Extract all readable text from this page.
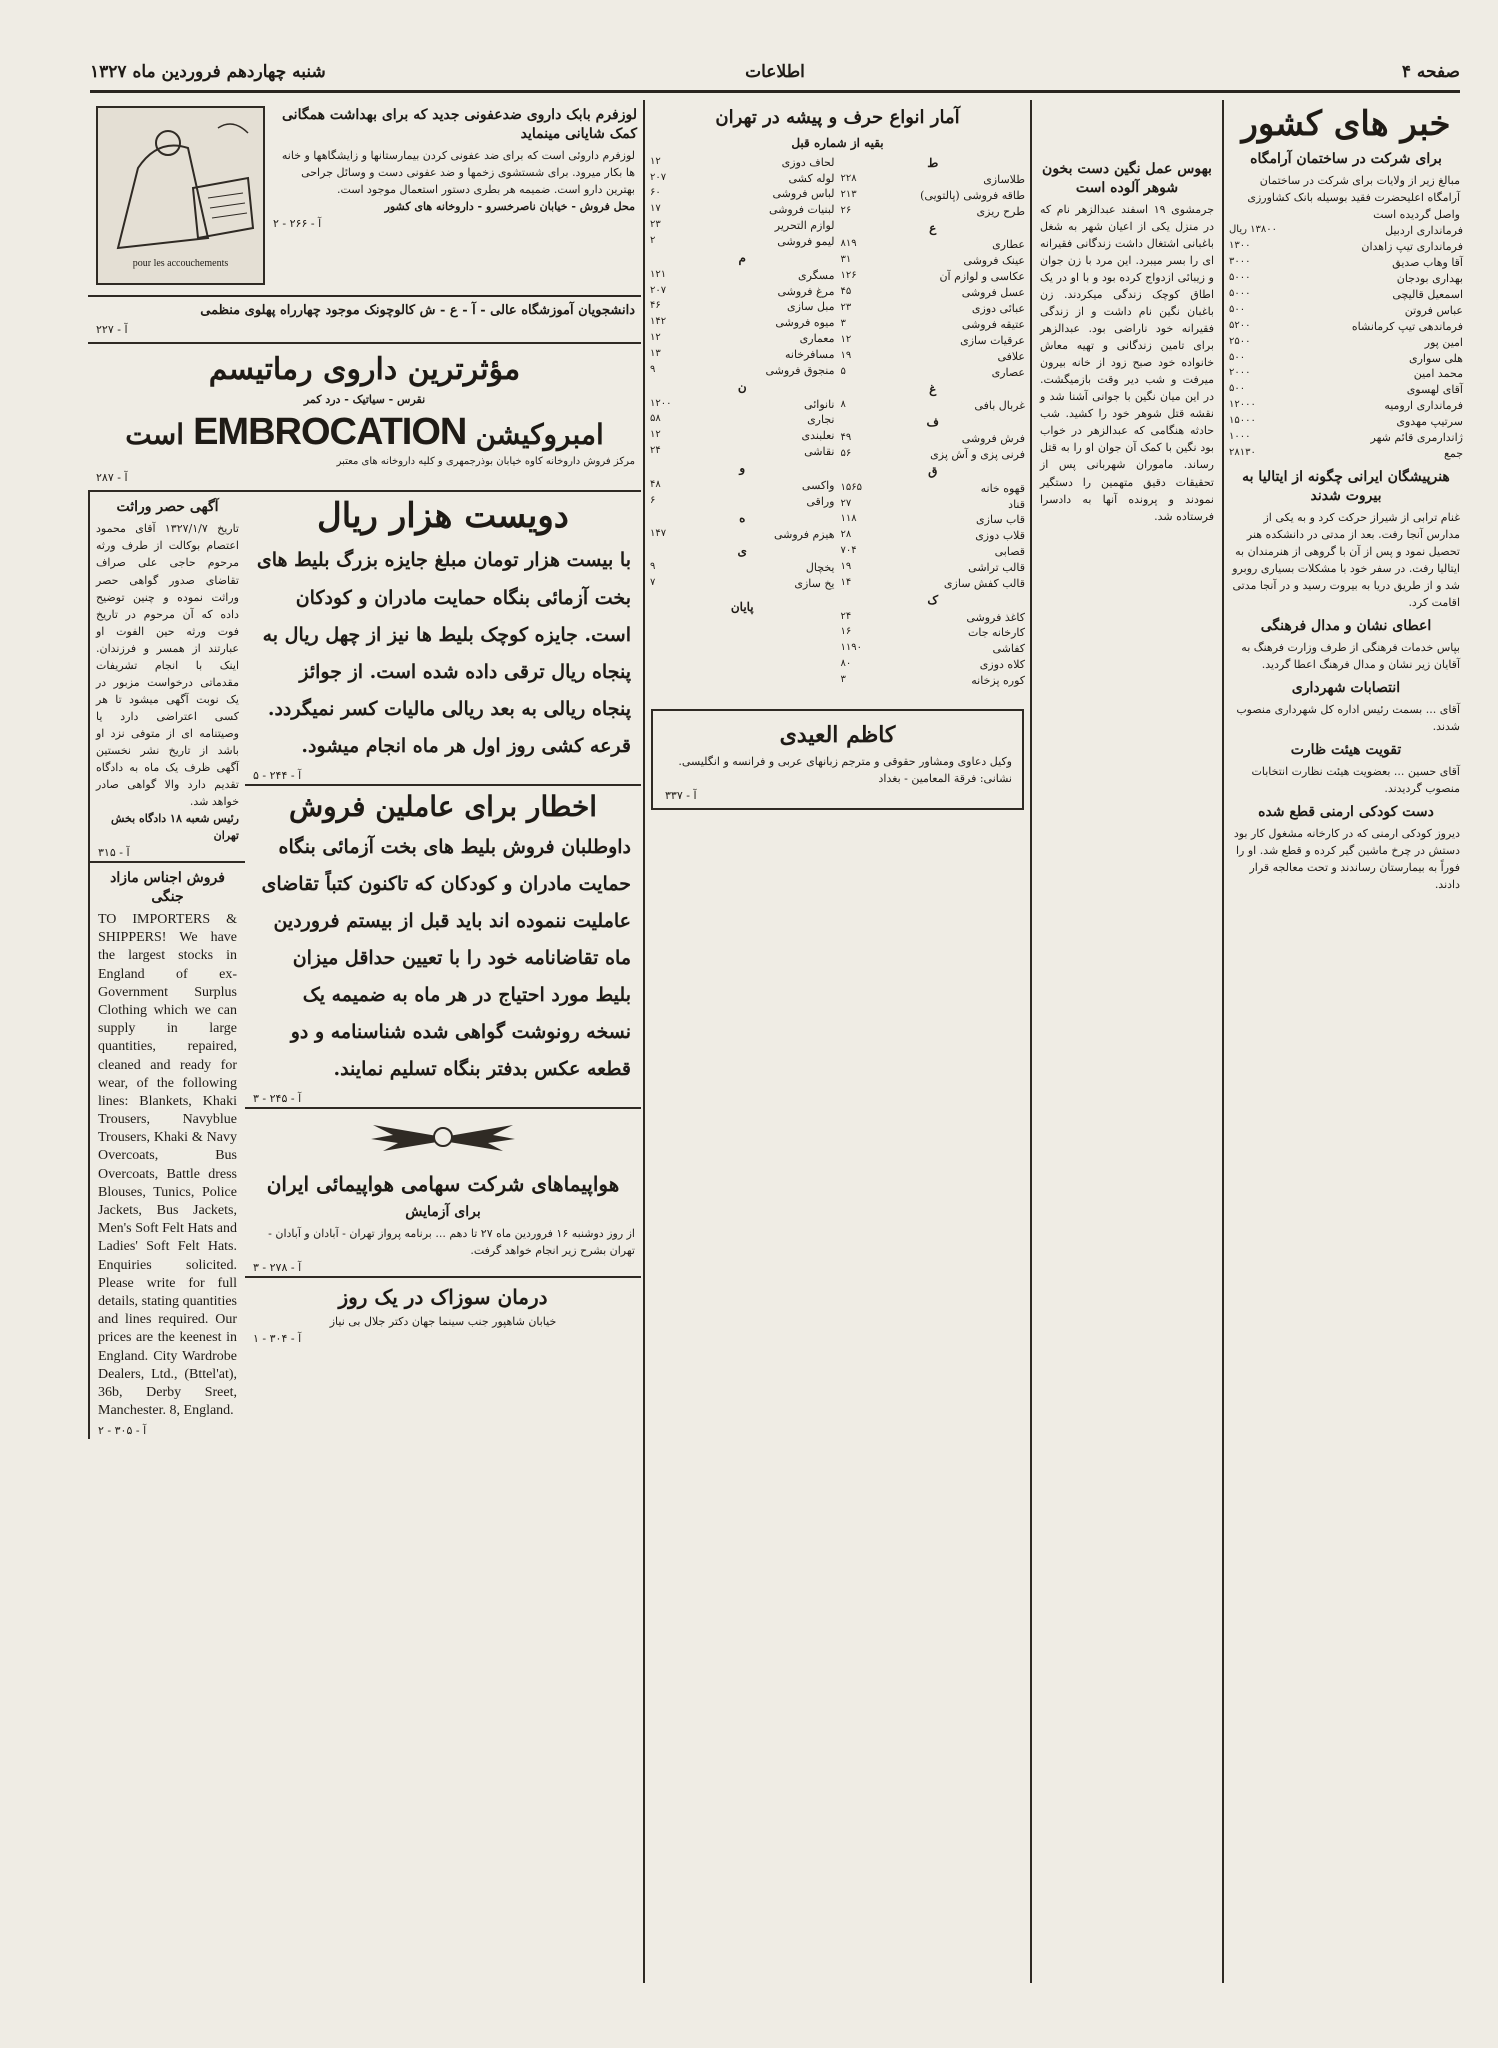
صفحه ۴
اطلاعات
شنبه چهاردهم فروردین ماه ۱۳۲۷
خبر های کشور
برای شرکت در ساختمان آرامگاه

مبالغ زیر از ولایات برای شرکت در ساختمان آرامگاه اعلیحضرت فقید بوسیله بانک کشاورزی واصل گردیده است

فرمانداری اردبیل	۱۳۸۰۰ ریال
فرمانداری تیپ زاهدان	۱۳۰۰
آقا وهاب صدیق	۳۰۰۰
بهداری بودجان	۵۰۰۰
اسمعیل قالیچی	۵۰۰۰
عباس فروتن	۵۰۰
فرماندهی تیپ کرمانشاه	۵۲۰۰
امین پور	۲۵۰۰
هلی سواری	۵۰۰
محمد امین	۲۰۰۰
آقای لهسوی	۵۰۰
فرمانداری ارومیه	۱۲۰۰۰
سرتیپ مهدوی	۱۵۰۰۰
ژاندارمری قائم شهر	۱۰۰۰
جمع	۲۸۱۳۰
هنرپیشگان ایرانی چگونه از ایتالیا به بیروت شدند

غنام ترابی از شیراز حرکت کرد و به یکی از مدارس آنجا رفت. بعد از مدتی در دانشکده هنر تحصیل نمود و پس از آن با گروهی از هنرمندان به ایتالیا رفت. در سفر خود با مشکلات بسیاری روبرو شد و از طریق دریا به بیروت رسید و در آنجا مدتی اقامت کرد.

اعطای نشان و مدال فرهنگی

بپاس خدمات فرهنگی از طرف وزارت فرهنگ به آقایان زیر نشان و مدال فرهنگ اعطا گردید.

انتصابات شهرداری

آقای ... بسمت رئیس اداره کل شهرداری منصوب شدند.

تقویت هیئت ظارت

آقای حسین ... بعضویت هیئت نظارت انتخابات منصوب گردیدند.

دست کودکی ارمنی قطع شده

دیروز کودکی ارمنی که در کارخانه مشغول کار بود دستش در چرخ ماشین گیر کرده و قطع شد. او را فوراً به بیمارستان رساندند و تحت معالجه قرار دادند.

بهوس عمل نگین دست بخون شوهر آلوده است

جرمشوی ۱۹ اسفند عبدالزهر نام که در منزل یکی از اعیان شهر به شغل باغبانی اشتغال داشت زندگانی فقیرانه ای را بسر میبرد. این مرد با زن جوان و زیبائی ازدواج کرده بود و با او در یک اطاق کوچک زندگی میکردند. زن باغبان نگین نام داشت و از زندگی فقیرانه خود ناراضی بود. عبدالزهر برای تامین زندگانی و تهیه معاش خانواده خود صبح زود از خانه بیرون میرفت و شب دیر وقت بازمیگشت. در این میان نگین با جوانی آشنا شد و نقشه قتل شوهر خود را کشید. شب حادثه هنگامی که عبدالزهر در خواب بود نگین با کمک آن جوان او را به قتل رساند. ماموران شهربانی پس از تحقیقات دقیق متهمین را دستگیر نمودند و پرونده آنها به دادسرا فرستاده شد.

آمار انواع حرف و پیشه در تهران
بقیه از شماره قبل
ط	
طلاسازی	۲۲۸
طاقه فروشی (پالتویی)	۲۱۳
طرح ریزی	۲۶
ع	
عطاری	۸۱۹
عینک فروشی	۳۱
عکاسی و لوازم آن	۱۲۶
عسل فروشی	۴۵
عبائی دوزی	۲۳
عتیقه فروشی	۳
عرقیات سازی	۱۲
علافی	۱۹
عصاری	۵
غ	
غربال بافی	۸
ف	
فرش فروشی	۴۹
فرنی پزی و آش پزی	۵۶
ق	
قهوه خانه	۱۵۶۵
قناد	۲۷
قاب سازی	۱۱۸
قلاب دوزی	۲۸
قصابی	۷۰۴
قالب تراشی	۱۹
قالب کفش سازی	۱۴
ک	
کاغذ فروشی	۲۴
کارخانه جات	۱۶
کفاشی	۱۱۹۰
کلاه دوزی	۸۰
کوره پزخانه	۳
لحاف دوزی	۱۲
لوله کشی	۲۰۷
لباس فروشی	۶۰
لبنیات فروشی	۱۷
لوازم التحریر	۲۳
لیمو فروشی	۲
م	
مسگری	۱۲۱
مرغ فروشی	۲۰۷
مبل سازی	۴۶
میوه فروشی	۱۴۲
معماری	۱۲
مسافرخانه	۱۳
منجوق فروشی	۹
ن	
نانوائی	۱۲۰۰
نجاری	۵۸
نعلبندی	۱۲
نقاشی	۲۴
و	
واکسی	۴۸
وراقی	۶
ه	
هیزم فروشی	۱۴۷
ی	
یخچال	۹
یخ سازی	۷
پایان
کاظم العیدی

وکیل دعاوی ومشاور حقوقی و مترجم زبانهای عربی و فرانسه و انگلیسی. نشانی: فرقة المعامین - بغداد

آ - ۳۳۷
pour les accouchements
لوزفرم بابک داروی ضدعفونی جدید که برای بهداشت همگانی کمک شایانی مینماید

لوزفرم داروئی است که برای ضد عفونی کردن بیمارستانها و زایشگاهها و خانه ها بکار میرود. برای شستشوی زخمها و ضد عفونی دست و وسائل جراحی بهترین دارو است. ضمیمه هر بطری دستور استعمال موجود است.

محل فروش - خیابان ناصرخسرو - داروخانه های کشور

آ - ۲۶۶ - ۲

دانشجویان آموزشگاه عالی - آ - ع - ش کالوچونک موجود چهارراه پهلوی منظمی

آ - ۲۲۷
مؤثرترین داروی رماتیسم
نقرس - سیاتیک - درد کمر
امبروکیشن EMBROCATION است

مرکز فروش داروخانه کاوه خیابان بوذرجمهری و کلیه داروخانه های معتبر

آ - ۲۸۷
آگهی حصر وراثت

تاریخ ۱۳۲۷/۱/۷ آقای محمود اعتصام بوکالت از طرف ورثه مرحوم حاجی علی صراف تقاضای صدور گواهی حصر وراثت نموده و چنین توضیح داده که آن مرحوم در تاریخ فوت ورثه حین الفوت او عبارتند از همسر و فرزندان. اینک با انجام تشریفات مقدماتی درخواست مزبور در یک نوبت آگهی میشود تا هر کسی اعتراضی دارد یا وصیتنامه ای از متوفی نزد او باشد از تاریخ نشر نخستین آگهی ظرف یک ماه به دادگاه تقدیم دارد والا گواهی صادر خواهد شد.

رئیس شعبه ۱۸ دادگاه بخش تهران

آ - ۳۱۵
فروش اجناس مازاد جنگی

TO IMPORTERS & SHIPPERS! We have the largest stocks in England of ex-Government Surplus Clothing which we can supply in large quantities, repaired, cleaned and ready for wear, of the following lines: Blankets, Khaki Trousers, Navyblue Trousers, Khaki & Navy Overcoats, Bus Overcoats, Battle dress Blouses, Tunics, Police Jackets, Bus Jackets, Men's Soft Felt Hats and Ladies' Soft Felt Hats. Enquiries solicited. Please write for full details, stating quantities and lines required. Our prices are the keenest in England. City Wardrobe Dealers, Ltd., (Bttel'at), 36b, Derby Sreet, Manchester. 8, England.

آ - ۳۰۵ - ۲
دویست هزار ریال

با بیست هزار تومان مبلغ جایزه بزرگ بلیط های بخت آزمائی بنگاه حمایت مادران و کودکان است. جایزه کوچک بلیط ها نیز از چهل ریال به پنجاه ریال ترقی داده شده است. از جوائز پنجاه ریالی به بعد ریالی مالیات کسر نمیگردد. قرعه کشی روز اول هر ماه انجام میشود.

آ - ۲۴۴ - ۵
اخطار برای عاملین فروش

داوطلبان فروش بلیط های بخت آزمائی بنگاه حمایت مادران و کودکان که تاکنون کتباً تقاضای عاملیت ننموده اند باید قبل از بیستم فروردین ماه تقاضانامه خود را با تعیین حداقل میزان بلیط مورد احتیاج در هر ماه به ضمیمه یک نسخه رونوشت گواهی شده شناسنامه و دو قطعه عکس بدفتر بنگاه تسلیم نمایند.

آ - ۲۴۵ - ۳
هواپیماهای شرکت سهامی هواپیمائی ایران
برای آزمایش

از روز دوشنبه ۱۶ فروردین ماه ۲۷ تا دهم ... برنامه پرواز تهران - آبادان و آبادان - تهران بشرح زیر انجام خواهد گرفت.

آ - ۲۷۸ - ۳
درمان سوزاک در یک روز

خیابان شاهپور جنب سینما جهان دکتر جلال بی نیاز

آ - ۳۰۴ - ۱
